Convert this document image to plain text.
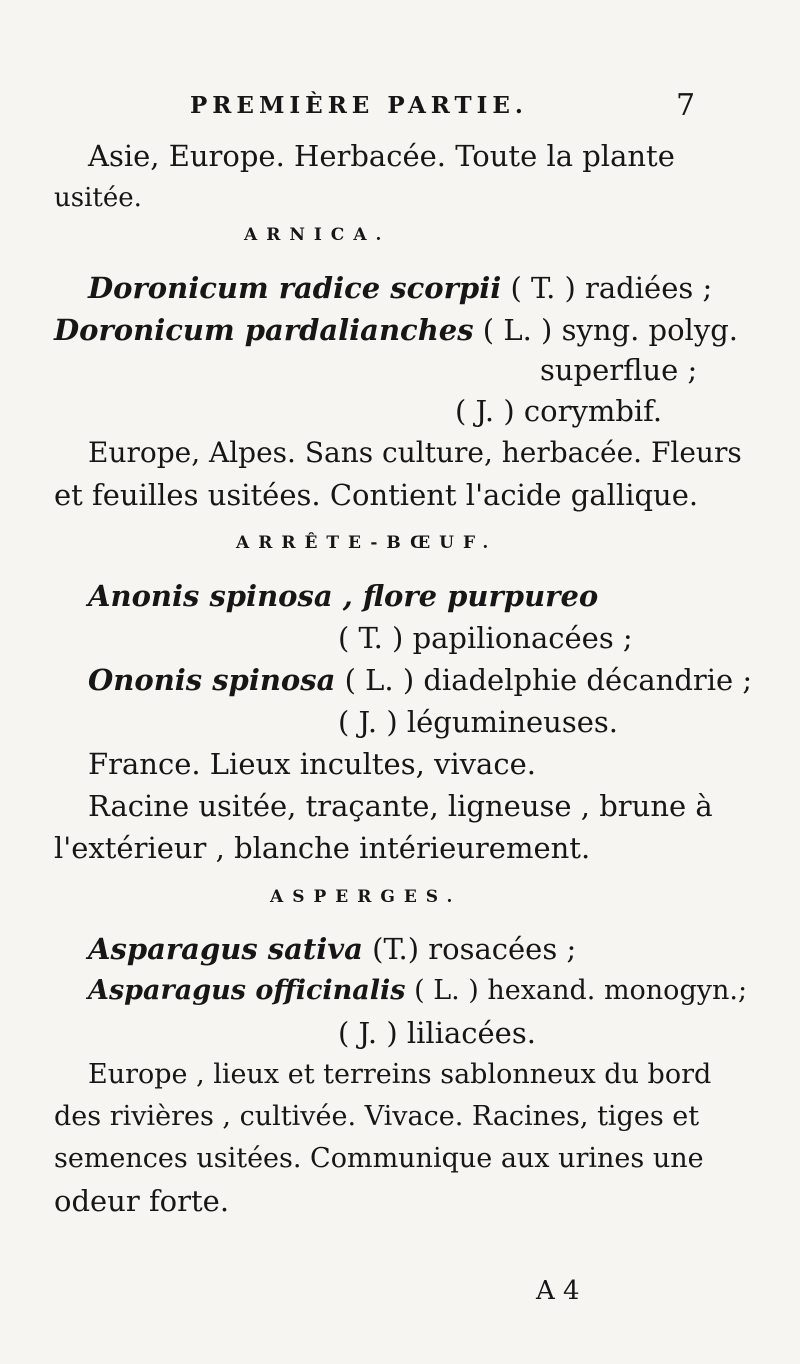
PREMIÈRE PARTIE.	7
Asie, Europe. Herbacée. Toute la plante
usitée.
ARNICA.
Doronicum radice scorpii ( T. ) radiées ;
Doronicum pardalianches ( L. ) syng. polyg.
superflue ;
( J. ) corymbif.
Europe, Alpes. Sans culture, herbacée. Fleurs
et feuilles usitées. Contient l'acide gallique.
ARRÊTE-BŒUF.
Anonis spinosa , flore purpureo
( T. ) papilionacées ;
Ononis spinosa ( L. ) diadelphie décandrie ;
( J. ) légumineuses.
France. Lieux incultes, vivace.
Racine usitée, traçante, ligneuse , brune à
l'extérieur , blanche intérieurement.
ASPERGES.
Asparagus sativa (T.) rosacées ;
Asparagus officinalis ( L. ) hexand. monogyn.;
( J. ) liliacées.
Europe , lieux et terreins sablonneux du bord
des rivières , cultivée. Vivace. Racines, tiges et
semences usitées. Communique aux urines une
odeur forte.
A 4
